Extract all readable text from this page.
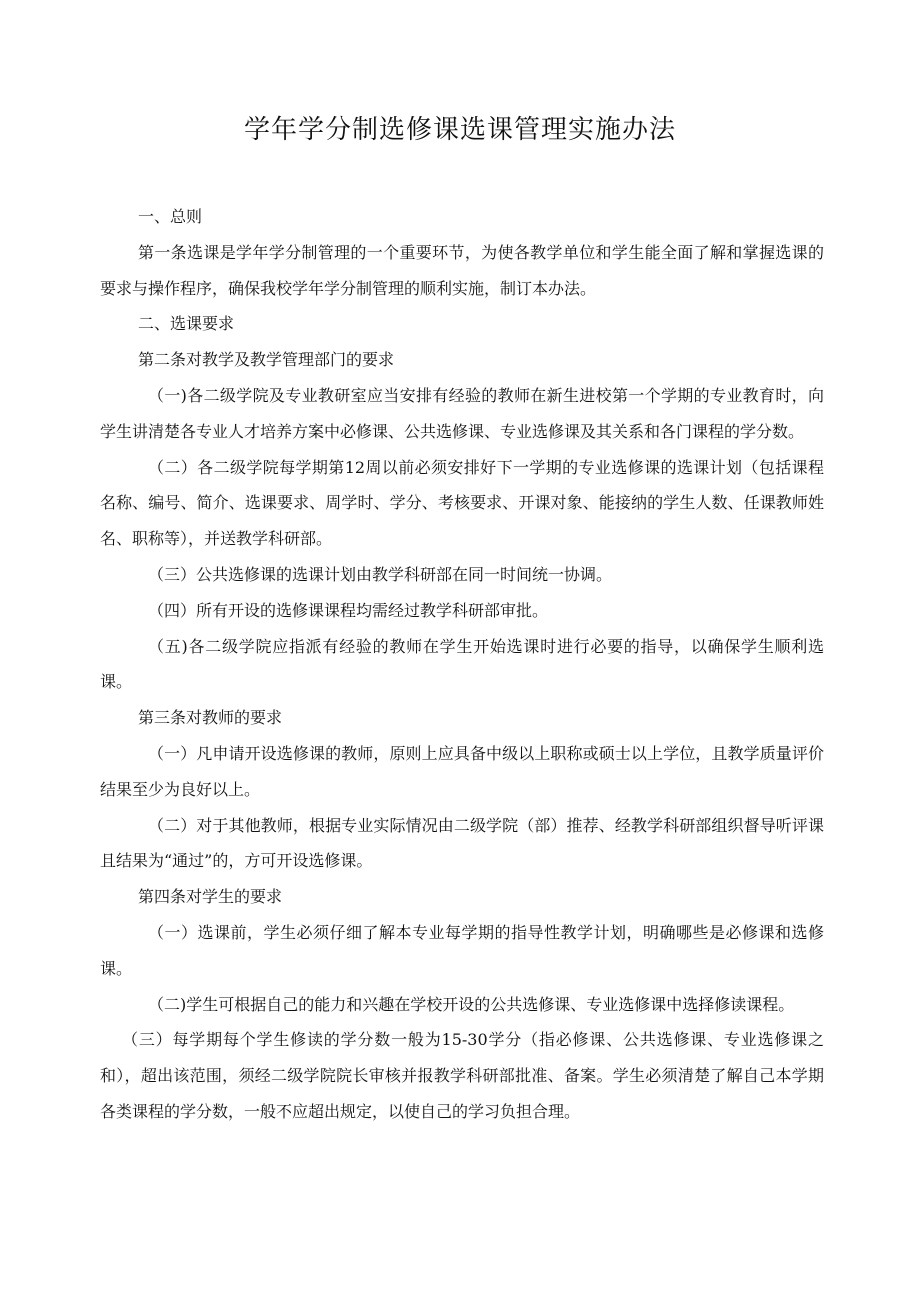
学年学分制选修课选课管理实施办法

一、总则

第一条选课是学年学分制管理的一个重要环节，为使各教学单位和学生能全面了解和掌握选课的要求与操作程序，确保我校学年学分制管理的顺利实施，制订本办法。

二、选课要求

第二条对教学及教学管理部门的要求

（一)各二级学院及专业教研室应当安排有经验的教师在新生进校第一个学期的专业教育时，向学生讲清楚各专业人才培养方案中必修课、公共选修课、专业选修课及其关系和各门课程的学分数。

（二）各二级学院每学期第12周以前必须安排好下一学期的专业选修课的选课计划（包括课程名称、编号、简介、选课要求、周学时、学分、考核要求、开课对象、能接纳的学生人数、任课教师姓名、职称等），并送教学科研部。

（三）公共选修课的选课计划由教学科研部在同一时间统一协调。

（四）所有开设的选修课课程均需经过教学科研部审批。

（五)各二级学院应指派有经验的教师在学生开始选课时进行必要的指导，以确保学生顺利选课。

第三条对教师的要求

（一）凡申请开设选修课的教师，原则上应具备中级以上职称或硕士以上学位，且教学质量评价结果至少为良好以上。

（二）对于其他教师，根据专业实际情况由二级学院（部）推荐、经教学科研部组织督导听评课且结果为“通过”的，方可开设选修课。

第四条对学生的要求

（一）选课前，学生必须仔细了解本专业每学期的指导性教学计划，明确哪些是必修课和选修课。

（二)学生可根据自己的能力和兴趣在学校开设的公共选修课、专业选修课中选择修读课程。

（三）每学期每个学生修读的学分数一般为15-30学分（指必修课、公共选修课、专业选修课之和），超出该范围，须经二级学院院长审核并报教学科研部批准、备案。学生必须清楚了解自己本学期各类课程的学分数，一般不应超出规定，以使自己的学习负担合理。
